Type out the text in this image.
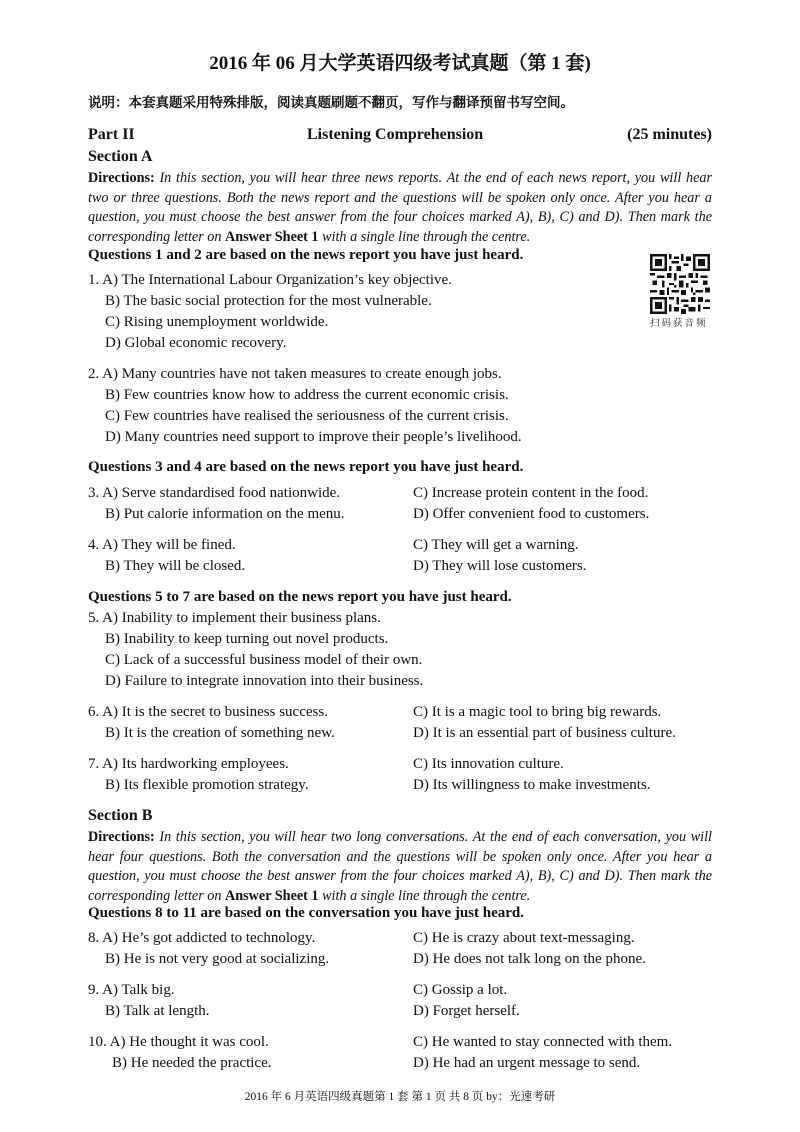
2016 年 06 月大学英语四级考试真题（第 1 套)
说明：本套真题采用特殊排版，阅读真题刷题不翻页，写作与翻译预留书写空间。
Part II	Listening Comprehension	(25 minutes)
Section A
Directions: In this section, you will hear three news reports. At the end of each news report, you will hear two or three questions. Both the news report and the questions will be spoken only once. After you hear a question, you must choose the best answer from the four choices marked A), B), C) and D). Then mark the corresponding letter on Answer Sheet 1 with a single line through the centre.
Questions 1 and 2 are based on the news report you have just heard.
1. A) The International Labour Organization’s key objective.
B) The basic social protection for the most vulnerable.
C) Rising unemployment worldwide.
D) Global economic recovery.
扫码获音频
2. A) Many countries have not taken measures to create enough jobs.
B) Few countries know how to address the current economic crisis.
C) Few countries have realised the seriousness of the current crisis.
D) Many countries need support to improve their people’s livelihood.
Questions 3 and 4 are based on the news report you have just heard.
3. A) Serve standardised food nationwide.
B) Put calorie information on the menu.
C) Increase protein content in the food.
D) Offer convenient food to customers.
4. A) They will be fined.
B) They will be closed.
C) They will get a warning.
D) They will lose customers.
Questions 5 to 7 are based on the news report you have just heard.
5. A) Inability to implement their business plans.
B) Inability to keep turning out novel products.
C) Lack of a successful business model of their own.
D) Failure to integrate innovation into their business.
6. A) It is the secret to business success.
B) It is the creation of something new.
C) It is a magic tool to bring big rewards.
D) It is an essential part of business culture.
7. A) Its hardworking employees.
B) Its flexible promotion strategy.
C) Its innovation culture.
D) Its willingness to make investments.
Section B
Directions: In this section, you will hear two long conversations. At the end of each conversation, you will hear four questions. Both the conversation and the questions will be spoken only once. After you hear a question, you must choose the best answer from the four choices marked A), B), C) and D). Then mark the corresponding letter on Answer Sheet 1 with a single line through the centre.
Questions 8 to 11 are based on the conversation you have just heard.
8. A) He’s got addicted to technology.
B) He is not very good at socializing.
C) He is crazy about text-messaging.
D) He does not talk long on the phone.
9. A) Talk big.
B) Talk at length.
C) Gossip a lot.
D) Forget herself.
10. A) He thought it was cool.
B) He needed the practice.
C) He wanted to stay connected with them.
D) He had an urgent message to send.
2016 年 6 月英语四级真题第 1 套 第 1 页 共 8 页 by：光速考研
